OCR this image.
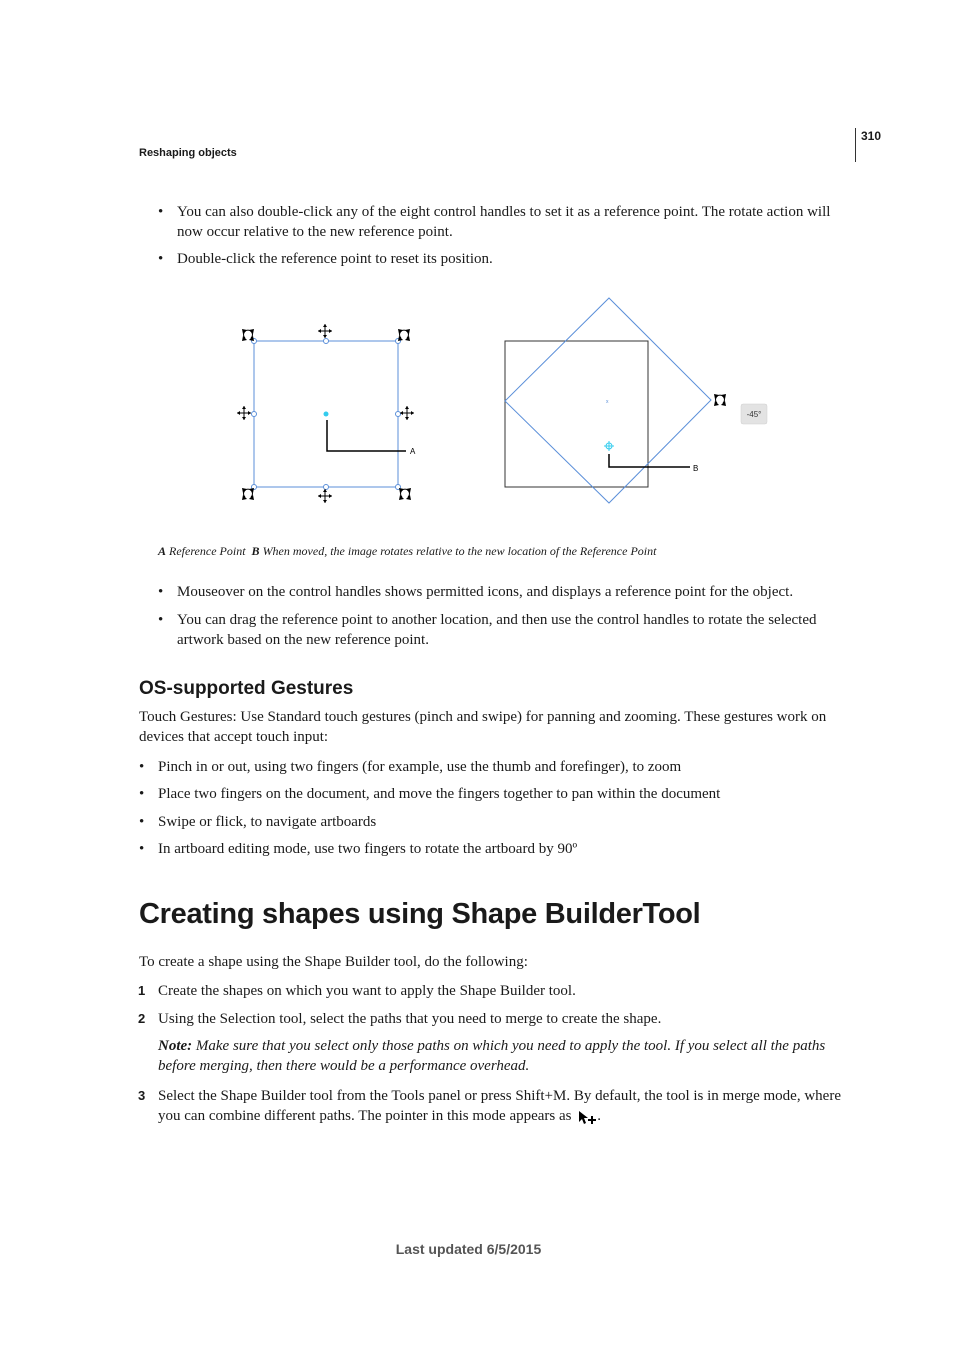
310
Reshaping objects
• You can also double-click any of the eight control handles to set it as a reference point. The rotate action will now occur relative to the new reference point.
• Double-click the reference point to reset its position.
A
x
B
-45°
A Reference Point B When moved, the image rotates relative to the new location of the Reference Point
• Mouseover on the control handles shows permitted icons, and displays a reference point for the object.
• You can drag the reference point to another location, and then use the control handles to rotate the selected artwork based on the new reference point.
OS-supported Gestures
Touch Gestures: Use Standard touch gestures (pinch and swipe) for panning and zooming. These gestures work on devices that accept touch input:
• Pinch in or out, using two fingers (for example, use the thumb and forefinger), to zoom
• Place two fingers on the document, and move the fingers together to pan within the document
• Swipe or flick, to navigate artboards
• In artboard editing mode, use two fingers to rotate the artboard by 90º
Creating shapes using Shape BuilderTool
To create a shape using the Shape Builder tool, do the following:
1 Create the shapes on which you want to apply the Shape Builder tool.
2 Using the Selection tool, select the paths that you need to merge to create the shape.
Note: Make sure that you select only those paths on which you need to apply the tool. If you select all the paths before merging, then there would be a performance overhead.
3 Select the Shape Builder tool from the Tools panel or press Shift+M. By default, the tool is in merge mode, where you can combine different paths. The pointer in this mode appears as .
Last updated 6/5/2015
